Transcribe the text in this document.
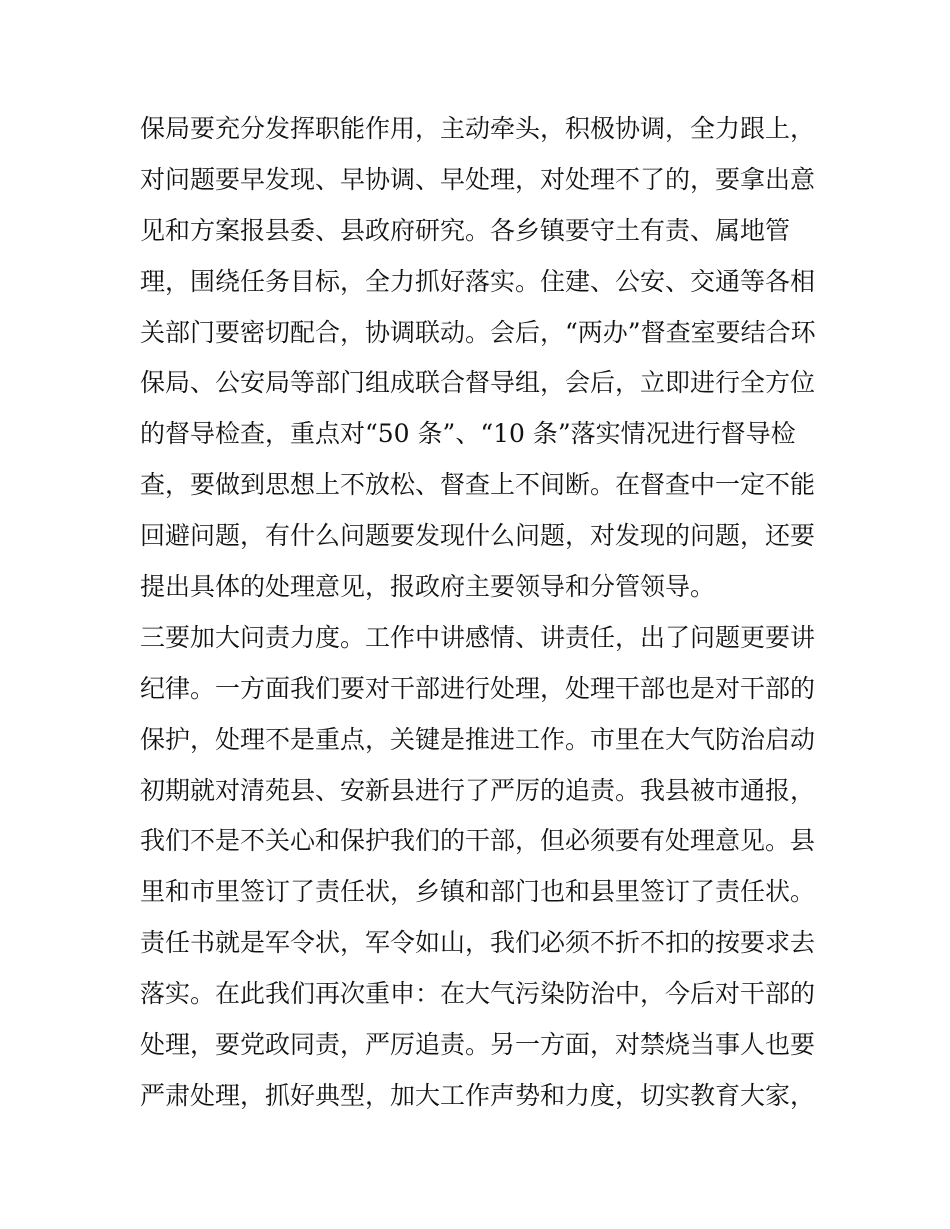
保局要充分发挥职能作用，主动牵头，积极协调，全力跟上，
对问题要早发现、早协调、早处理，对处理不了的，要拿出意
见和方案报县委、县政府研究。各乡镇要守土有责、属地管
理，围绕任务目标，全力抓好落实。住建、公安、交通等各相
关部门要密切配合，协调联动。会后，“两办”督查室要结合环
保局、公安局等部门组成联合督导组，会后，立即进行全方位
的督导检查，重点对“50 条”、“10 条”落实情况进行督导检
查，要做到思想上不放松、督查上不间断。在督查中一定不能
回避问题，有什么问题要发现什么问题，对发现的问题，还要
提出具体的处理意见，报政府主要领导和分管领导。
三要加大问责力度。工作中讲感情、讲责任，出了问题更要讲
纪律。一方面我们要对干部进行处理，处理干部也是对干部的
保护，处理不是重点，关键是推进工作。市里在大气防治启动
初期就对清苑县、安新县进行了严厉的追责。我县被市通报，
我们不是不关心和保护我们的干部，但必须要有处理意见。县
里和市里签订了责任状，乡镇和部门也和县里签订了责任状。
责任书就是军令状，军令如山，我们必须不折不扣的按要求去
落实。在此我们再次重申：在大气污染防治中，今后对干部的
处理，要党政同责，严厉追责。另一方面，对禁烧当事人也要
严肃处理，抓好典型，加大工作声势和力度，切实教育大家，
